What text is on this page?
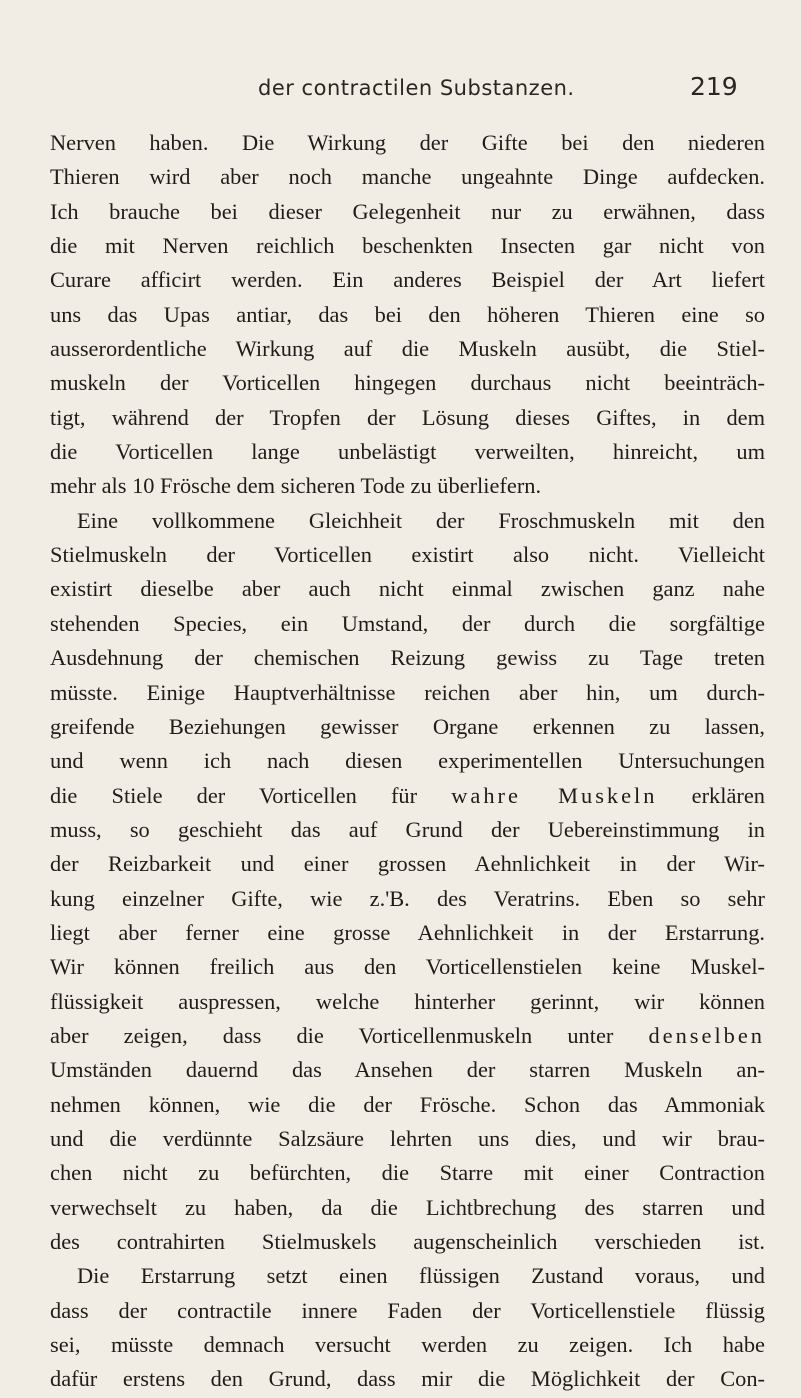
der contractilen Substanzen.	219
Nerven haben. Die Wirkung der Gifte bei den niederen
Thieren wird aber noch manche ungeahnte Dinge aufdecken.
Ich brauche bei dieser Gelegenheit nur zu erwähnen, dass
die mit Nerven reichlich beschenkten Insecten gar nicht von
Curare afficirt werden. Ein anderes Beispiel der Art liefert
uns das Upas antiar, das bei den höheren Thieren eine so
ausserordentliche Wirkung auf die Muskeln ausübt, die Stiel-
muskeln der Vorticellen hingegen durchaus nicht beeinträch-
tigt, während der Tropfen der Lösung dieses Giftes, in dem
die Vorticellen lange unbelästigt verweilten, hinreicht, um
mehr als 10 Frösche dem sicheren Tode zu überliefern.
Eine vollkommene Gleichheit der Froschmuskeln mit den
Stielmuskeln der Vorticellen existirt also nicht. Vielleicht
existirt dieselbe aber auch nicht einmal zwischen ganz nahe
stehenden Species, ein Umstand, der durch die sorgfältige
Ausdehnung der chemischen Reizung gewiss zu Tage treten
müsste. Einige Hauptverhältnisse reichen aber hin, um durch-
greifende Beziehungen gewisser Organe erkennen zu lassen,
und wenn ich nach diesen experimentellen Untersuchungen
die Stiele der Vorticellen für wahre Muskeln erklären
muss, so geschieht das auf Grund der Uebereinstimmung in
der Reizbarkeit und einer grossen Aehnlichkeit in der Wir-
kung einzelner Gifte, wie z.'B. des Veratrins. Eben so sehr
liegt aber ferner eine grosse Aehnlichkeit in der Erstarrung.
Wir können freilich aus den Vorticellenstielen keine Muskel-
flüssigkeit auspressen, welche hinterher gerinnt, wir können
aber zeigen, dass die Vorticellenmuskeln unter denselben
Umständen dauernd das Ansehen der starren Muskeln an-
nehmen können, wie die der Frösche. Schon das Ammoniak
und die verdünnte Salzsäure lehrten uns dies, und wir brau-
chen nicht zu befürchten, die Starre mit einer Contraction
verwechselt zu haben, da die Lichtbrechung des starren und
des contrahirten Stielmuskels augenscheinlich verschieden ist.
Die Erstarrung setzt einen flüssigen Zustand voraus, und
dass der contractile innere Faden der Vorticellenstiele flüssig
sei, müsste demnach versucht werden zu zeigen. Ich habe
dafür erstens den Grund, dass mir die Möglichkeit der Con-
